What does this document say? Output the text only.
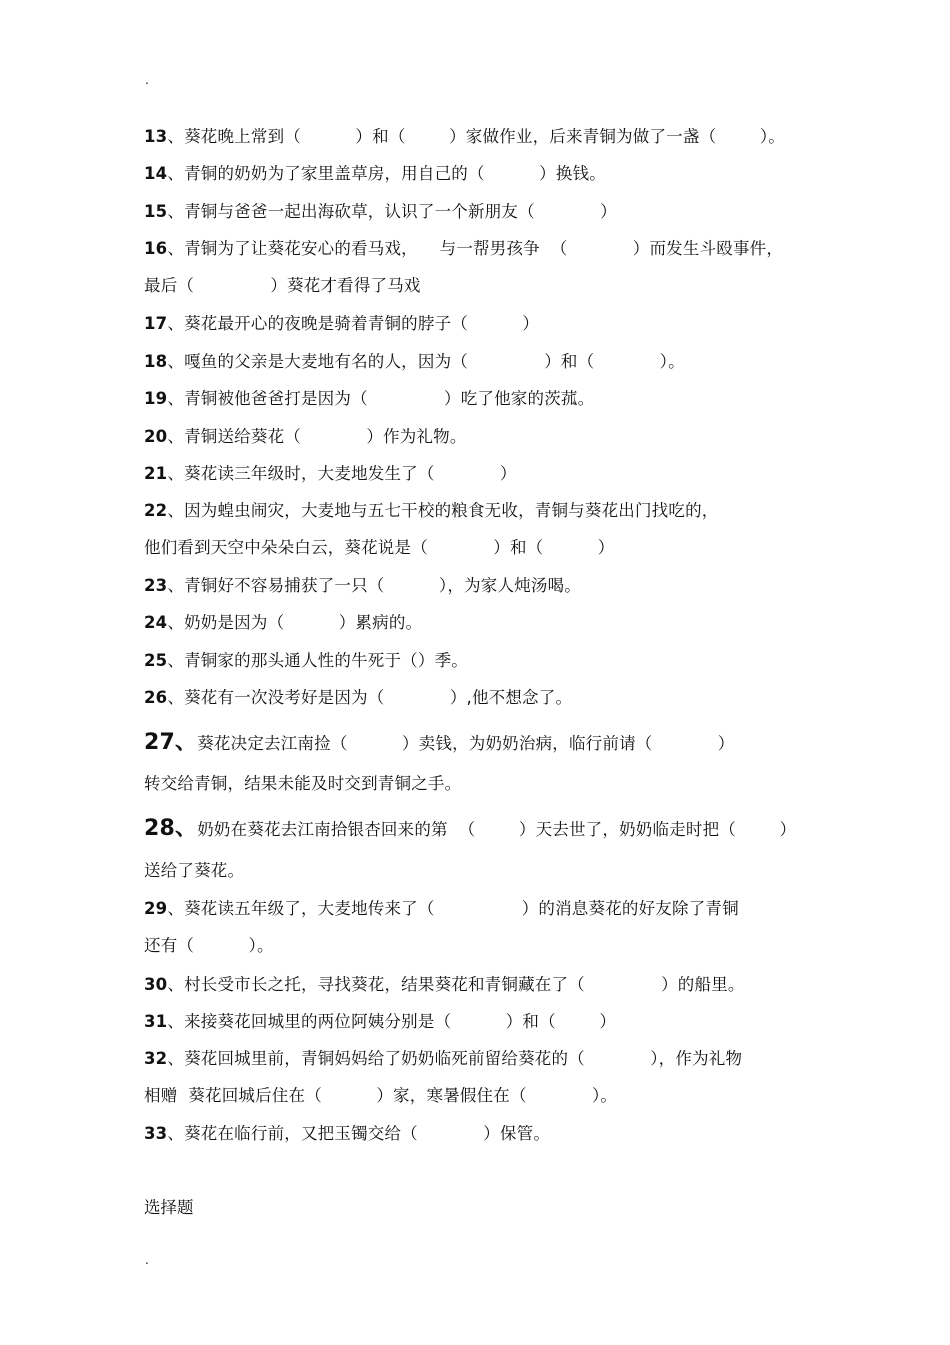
.
13、葵花晚上常到（          ）和（        ）家做作业，后来青铜为做了一盏（        ）。
14、青铜的奶奶为了家里盖草房，用自己的（          ）换钱。
15、青铜与爸爸一起出海砍草，认识了一个新朋友（            ）
16、青铜为了让葵花安心的看马戏，    与一帮男孩争  （            ）而发生斗殴事件，
最后（              ）葵花才看得了马戏
17、葵花最开心的夜晚是骑着青铜的脖子（          ）
18、嘎鱼的父亲是大麦地有名的人，因为（              ）和（            ）。
19、青铜被他爸爸打是因为（              ）吃了他家的茨菰。
20、青铜送给葵花（            ）作为礼物。
21、葵花读三年级时，大麦地发生了（            ）
22、因为蝗虫闹灾，大麦地与五七干校的粮食无收，青铜与葵花出门找吃的，
他们看到天空中朵朵白云，葵花说是（            ）和（          ）
23、青铜好不容易捕获了一只（          ），为家人炖汤喝。
24、奶奶是因为（          ）累病的。
25、青铜家的那头通人性的牛死于（）季。
26、葵花有一次没考好是因为（            ）,他不想念了。
27、葵花决定去江南捡（          ）卖钱，为奶奶治病，临行前请（            ）
转交给青铜，结果未能及时交到青铜之手。
28、奶奶在葵花去江南拾银杏回来的第  （        ）天去世了，奶奶临走时把（        ）
送给了葵花。
29、葵花读五年级了，大麦地传来了（                ）的消息葵花的好友除了青铜
还有（          ）。
30、村长受市长之托，寻找葵花，结果葵花和青铜藏在了（              ）的船里。
31、来接葵花回城里的两位阿姨分别是（          ）和（        ）
32、葵花回城里前，青铜妈妈给了奶奶临死前留给葵花的（            ），作为礼物
相赠  葵花回城后住在（          ）家，寒暑假住在（            ）。
33、葵花在临行前，又把玉镯交给（            ）保管。
选择题
.
